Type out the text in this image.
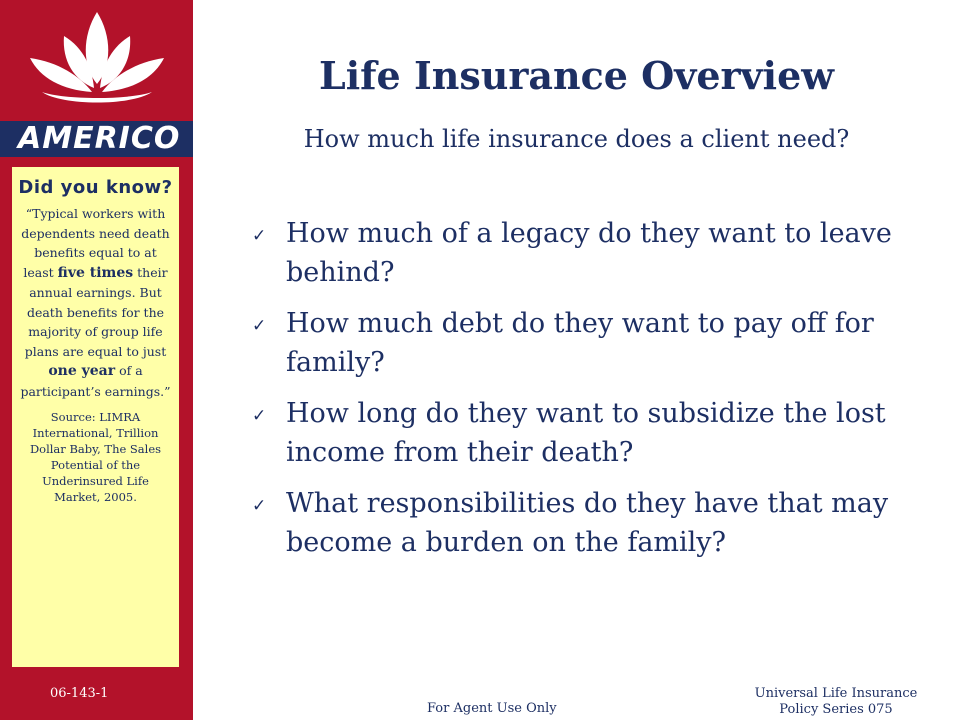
AMERICO
Life Insurance Overview
How much life insurance does a client need?
Did you know?
“Typical workers with dependents need death benefits equal to at least five times their annual earnings. But death benefits for the majority of group life plans are equal to just one year of a participant’s earnings.”
Source: LIMRA International, Trillion Dollar Baby, The Sales Potential of the Underinsured Life Market, 2005.
✓ How much of a legacy do they want to leave behind?
✓ How much debt do they want to pay off for family?
✓ How long do they want to subsidize the lost income from their death?
✓ What responsibilities do they have that may become a burden on the family?
06-143-1
For Agent Use Only
Universal Life Insurance
Policy Series 075
